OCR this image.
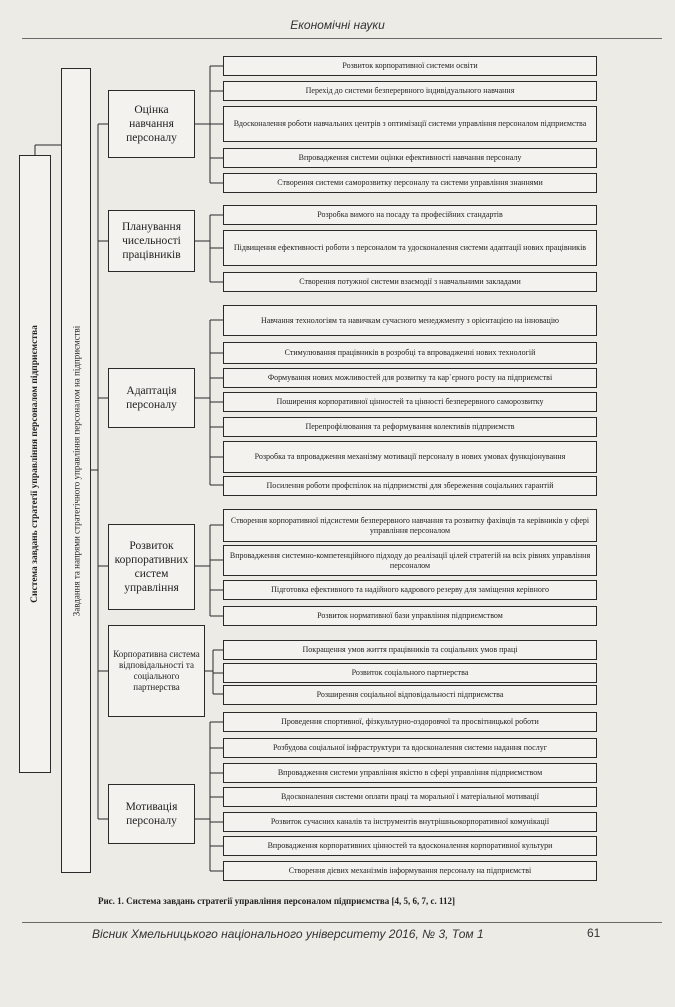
Економічні науки
Система завдань стратегії управління персоналом підприємства	Завдання та напрями стратегічного управління персоналом на підприємстві
Оцінка навчання персоналу
Планування чисельності працівників
Адаптація персоналу
Розвиток корпоративних систем управління
Корпоративна система відповідальності та соціального партнерства
Мотивація персоналу
Розвиток корпоративної системи освіти
Перехід до системи безперервного індивідуального навчання
Вдосконалення роботи навчальних центрів з оптимізації системи управління персоналом підприємства
Впровадження системи оцінки ефективності навчання персоналу
Створення системи саморозвитку персоналу та системи управління знаннями
Розробка вимого на посаду та професійних стандартів
Підвищення ефективності роботи з персоналом та удосконалення системи адаптації нових працівників
Створення потужної системи взаємодії з навчальними закладами
Навчання технологіям та навичкам сучасного менеджменту з орієнтацією на інновацію
Стимулювання працівників в розробці та впровадженні нових технологій
Формування нових можливостей для розвитку та кар`єрного росту на підприємстві
Поширення корпоративної цінностей та цінності безперервного саморозвитку
Перепрофілювання та реформування колективів підприємств
Розробка та впровадження механізму мотивації персоналу в нових умовах функціонування
Посилення роботи профспілок на підприємстві для збереження соціальних гарантій
Створення корпоративної підсистеми безперервного навчання та розвитку фахівців та керівників у сфері управління персоналом
Впровадження системно-компетенційного підходу до реалізації цілей стратегій на всіх рівнях управління персоналом
Підготовка ефективного та надійного кадрового резерву для заміщення керівного
Розвиток нормативної бази управління підприємством
Покращення умов життя працівників та соціальних умов праці
Розвиток соціального партнерства
Розширення соціальної відповідальності підприємства
Проведення спортивної, фізкультурно-оздоровчої та просвітницької роботи
Розбудова соціальної інфраструктури та вдосконалення системи надання послуг
Впровадження системи управління якістю в сфері управління підприємством
Вдосконалення системи оплати праці та моральної і матеріальної мотивації
Розвиток сучасних каналів та інструментів внутрішньокорпоративної комунікації
Впровадження корпоративних цінностей та вдосконалення корпоративної культури
Створення дієвих механізмів інформування персоналу на підприємстві
Рис. 1. Система завдань стратегії управління персоналом підприємства [4, 5, 6, 7, с. 112]
Вісник Хмельницького національного університету 2016, № 3, Том 1	61
